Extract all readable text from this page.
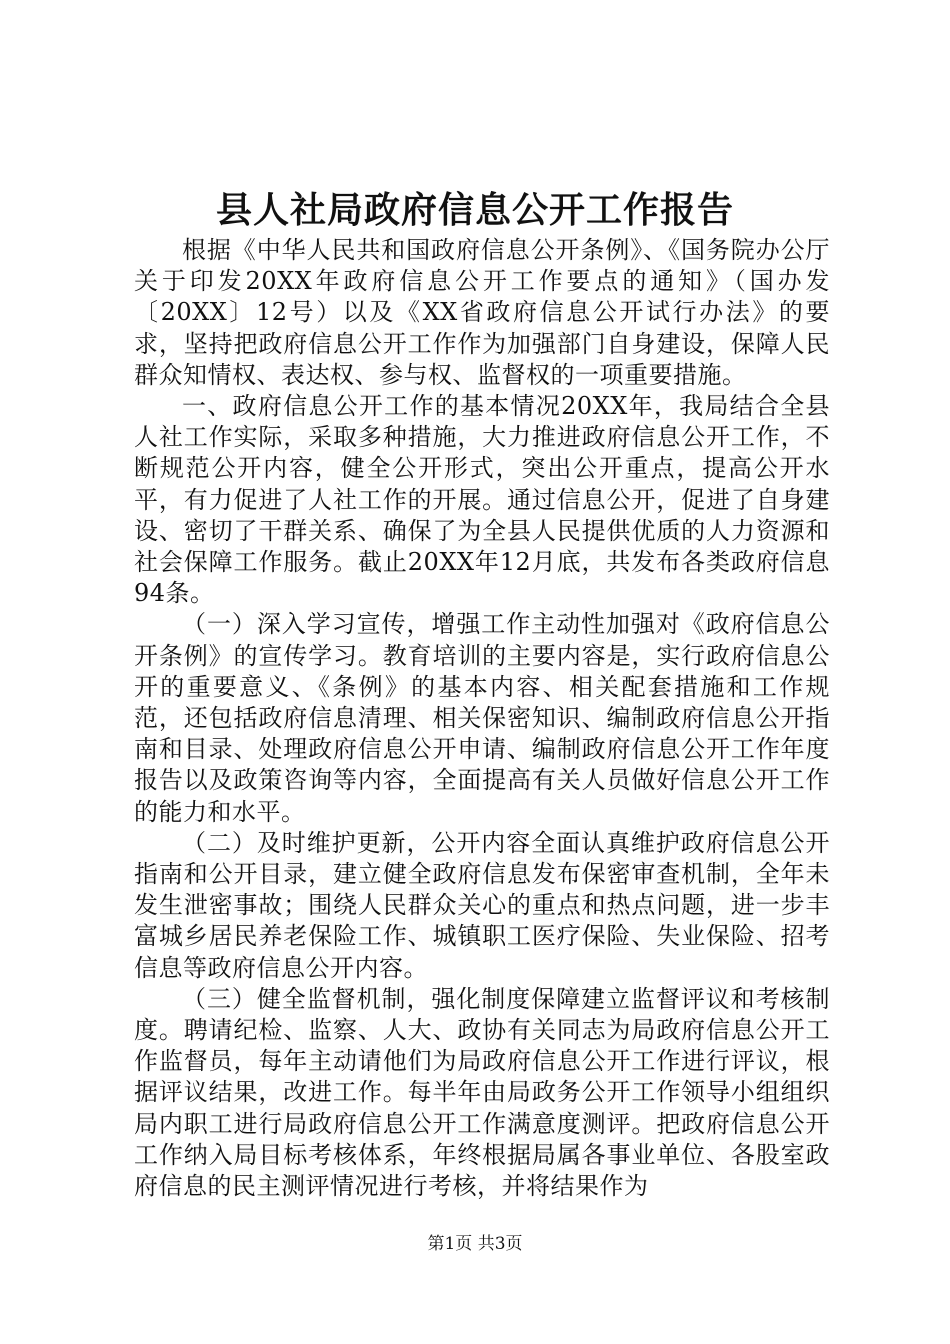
县人社局政府信息公开工作报告

根据《中华人民共和国政府信息公开条例》、《国务院办公厅关于印发20XX年政府信息公开工作要点的通知》（国办发〔20XX〕12号）以及《XX省政府信息公开试行办法》的要求，坚持把政府信息公开工作作为加强部门自身建设，保障人民群众知情权、表达权、参与权、监督权的一项重要措施。

一、政府信息公开工作的基本情况20XX年，我局结合全县人社工作实际，采取多种措施，大力推进政府信息公开工作，不断规范公开内容，健全公开形式，突出公开重点，提高公开水平，有力促进了人社工作的开展。通过信息公开，促进了自身建设、密切了干群关系、确保了为全县人民提供优质的人力资源和社会保障工作服务。截止20XX年12月底，共发布各类政府信息94条。

（一）深入学习宣传，增强工作主动性加强对《政府信息公开条例》的宣传学习。教育培训的主要内容是，实行政府信息公开的重要意义、《条例》的基本内容、相关配套措施和工作规范，还包括政府信息清理、相关保密知识、编制政府信息公开指南和目录、处理政府信息公开申请、编制政府信息公开工作年度报告以及政策咨询等内容，全面提高有关人员做好信息公开工作的能力和水平。

（二）及时维护更新，公开内容全面认真维护政府信息公开指南和公开目录，建立健全政府信息发布保密审查机制，全年未发生泄密事故；围绕人民群众关心的重点和热点问题，进一步丰富城乡居民养老保险工作、城镇职工医疗保险、失业保险、招考信息等政府信息公开内容。

（三）健全监督机制，强化制度保障建立监督评议和考核制度。聘请纪检、监察、人大、政协有关同志为局政府信息公开工作监督员，每年主动请他们为局政府信息公开工作进行评议，根据评议结果，改进工作。每半年由局政务公开工作领导小组组织局内职工进行局政府信息公开工作满意度测评。把政府信息公开工作纳入局目标考核体系，年终根据局属各事业单位、各股室政府信息的民主测评情况进行考核，并将结果作为

第1页 共3页
